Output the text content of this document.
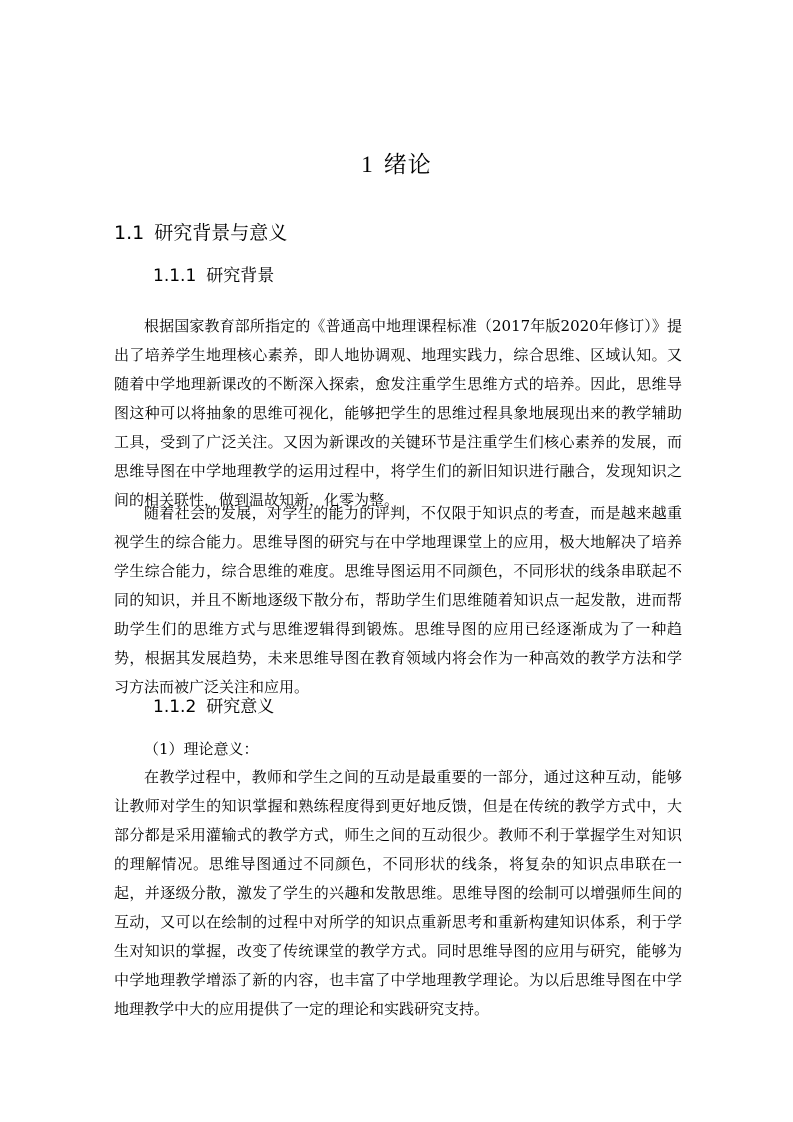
1 绪论
1.1 研究背景与意义
1.1.1 研究背景

根据国家教育部所指定的《普通高中地理课程标准（2017年版2020年修订）》提出了培养学生地理核心素养，即人地协调观、地理实践力，综合思维、区域认知。又随着中学地理新课改的不断深入探索，愈发注重学生思维方式的培养。因此，思维导图这种可以将抽象的思维可视化，能够把学生的思维过程具象地展现出来的教学辅助工具，受到了广泛关注。又因为新课改的关键环节是注重学生们核心素养的发展，而思维导图在中学地理教学的运用过程中，将学生们的新旧知识进行融合，发现知识之间的相关联性，做到温故知新，化零为整。

随着社会的发展，对学生的能力的评判，不仅限于知识点的考查，而是越来越重视学生的综合能力。思维导图的研究与在中学地理课堂上的应用，极大地解决了培养学生综合能力，综合思维的难度。思维导图运用不同颜色，不同形状的线条串联起不同的知识，并且不断地逐级下散分布，帮助学生们思维随着知识点一起发散，进而帮助学生们的思维方式与思维逻辑得到锻炼。思维导图的应用已经逐渐成为了一种趋势，根据其发展趋势，未来思维导图在教育领域内将会作为一种高效的教学方法和学习方法而被广泛关注和应用。

1.1.2 研究意义

（1）理论意义：

在教学过程中，教师和学生之间的互动是最重要的一部分，通过这种互动，能够让教师对学生的知识掌握和熟练程度得到更好地反馈，但是在传统的教学方式中，大部分都是采用灌输式的教学方式，师生之间的互动很少。教师不利于掌握学生对知识的理解情况。思维导图通过不同颜色，不同形状的线条，将复杂的知识点串联在一起，并逐级分散，激发了学生的兴趣和发散思维。思维导图的绘制可以增强师生间的互动，又可以在绘制的过程中对所学的知识点重新思考和重新构建知识体系，利于学生对知识的掌握，改变了传统课堂的教学方式。同时思维导图的应用与研究，能够为中学地理教学增添了新的内容，也丰富了中学地理教学理论。为以后思维导图在中学地理教学中大的应用提供了一定的理论和实践研究支持。
